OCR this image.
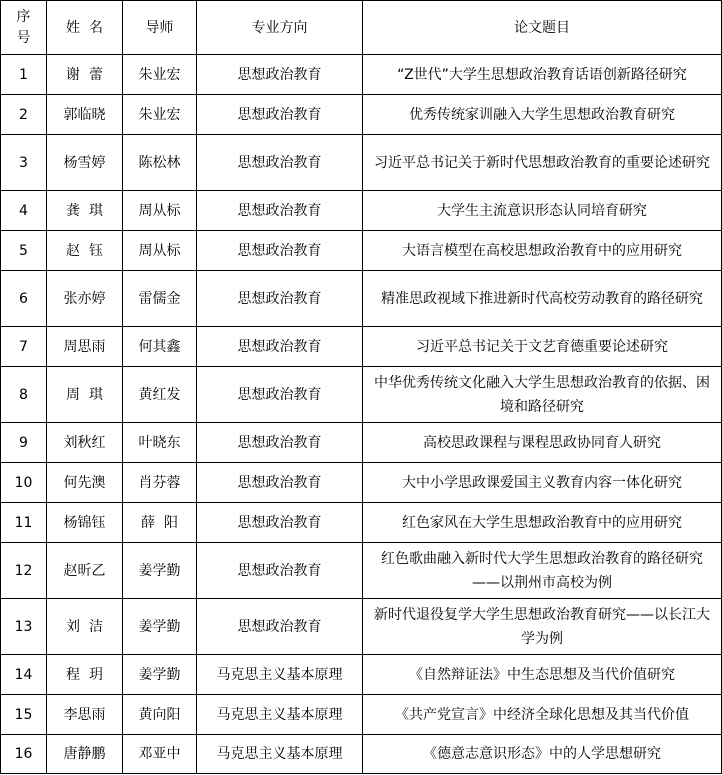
序号	姓  名	导师	专业方向	论文题目
1	谢  蕾	朱业宏	思想政治教育	“Z世代”大学生思想政治教育话语创新路径研究
2	郭临晓	朱业宏	思想政治教育	优秀传统家训融入大学生思想政治教育研究
3	杨雪婷	陈松林	思想政治教育	习近平总书记关于新时代思想政治教育的重要论述研究
4	龚  琪	周从标	思想政治教育	大学生主流意识形态认同培育研究
5	赵  钰	周从标	思想政治教育	大语言模型在高校思想政治教育中的应用研究
6	张亦婷	雷儒金	思想政治教育	精准思政视域下推进新时代高校劳动教育的路径研究
7	周思雨	何其鑫	思想政治教育	习近平总书记关于文艺育德重要论述研究
8	周  琪	黄红发	思想政治教育	中华优秀传统文化融入大学生思想政治教育的依据、困境和路径研究
9	刘秋红	叶晓东	思想政治教育	高校思政课程与课程思政协同育人研究
10	何先澳	肖芬蓉	思想政治教育	大中小学思政课爱国主义教育内容一体化研究
11	杨锦钰	薛  阳	思想政治教育	红色家风在大学生思想政治教育中的应用研究
12	赵昕乙	姜学勤	思想政治教育	红色歌曲融入新时代大学生思想政治教育的路径研究——以荆州市高校为例
13	刘  洁	姜学勤	思想政治教育	新时代退役复学大学生思想政治教育研究——以长江大学为例
14	程  玥	姜学勤	马克思主义基本原理	《自然辩证法》中生态思想及当代价值研究
15	李思雨	黄向阳	马克思主义基本原理	《共产党宣言》中经济全球化思想及其当代价值
16	唐静鹏	邓亚中	马克思主义基本原理	《德意志意识形态》中的人学思想研究
